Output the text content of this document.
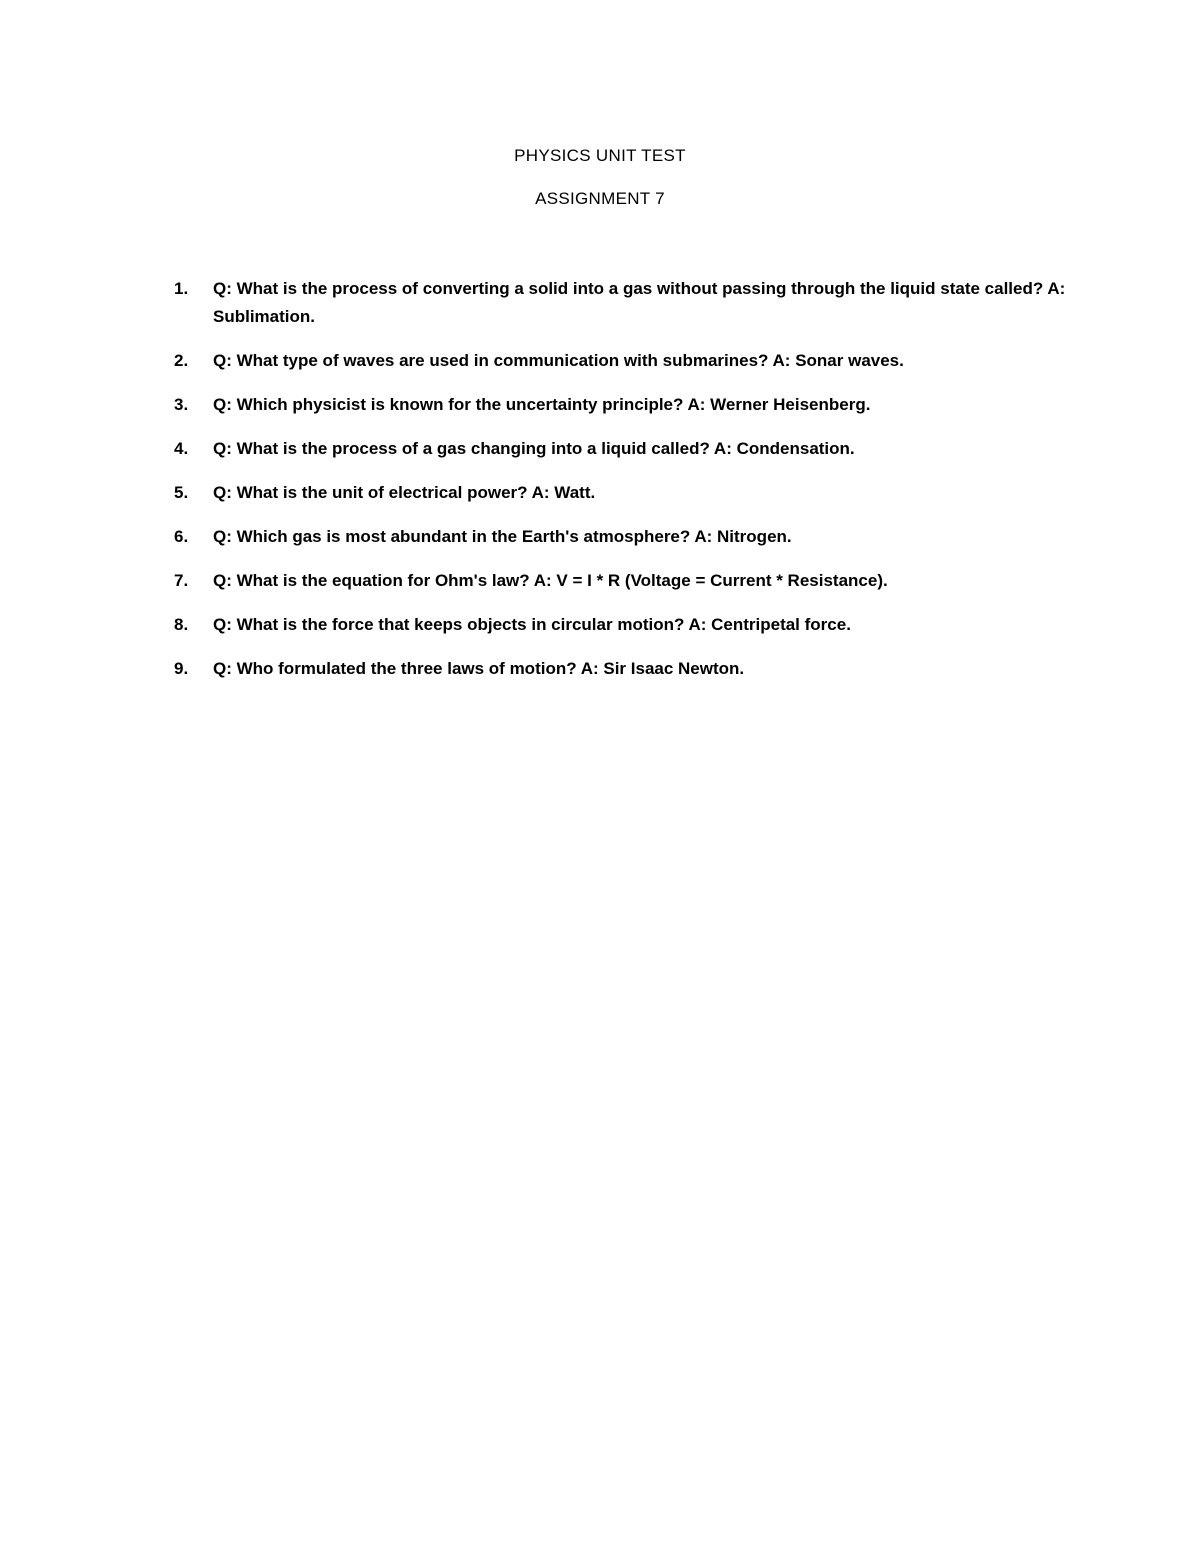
PHYSICS UNIT TEST
ASSIGNMENT 7
1.	Q: What is the process of converting a solid into a gas without passing through the liquid state called? A: Sublimation.
2.	Q: What type of waves are used in communication with submarines? A: Sonar waves.
3.	Q: Which physicist is known for the uncertainty principle? A: Werner Heisenberg.
4.	Q: What is the process of a gas changing into a liquid called? A: Condensation.
5.	Q: What is the unit of electrical power? A: Watt.
6.	Q: Which gas is most abundant in the Earth's atmosphere? A: Nitrogen.
7.	Q: What is the equation for Ohm's law? A: V = I * R (Voltage = Current * Resistance).
8.	Q: What is the force that keeps objects in circular motion? A: Centripetal force.
9.	Q: Who formulated the three laws of motion? A: Sir Isaac Newton.
